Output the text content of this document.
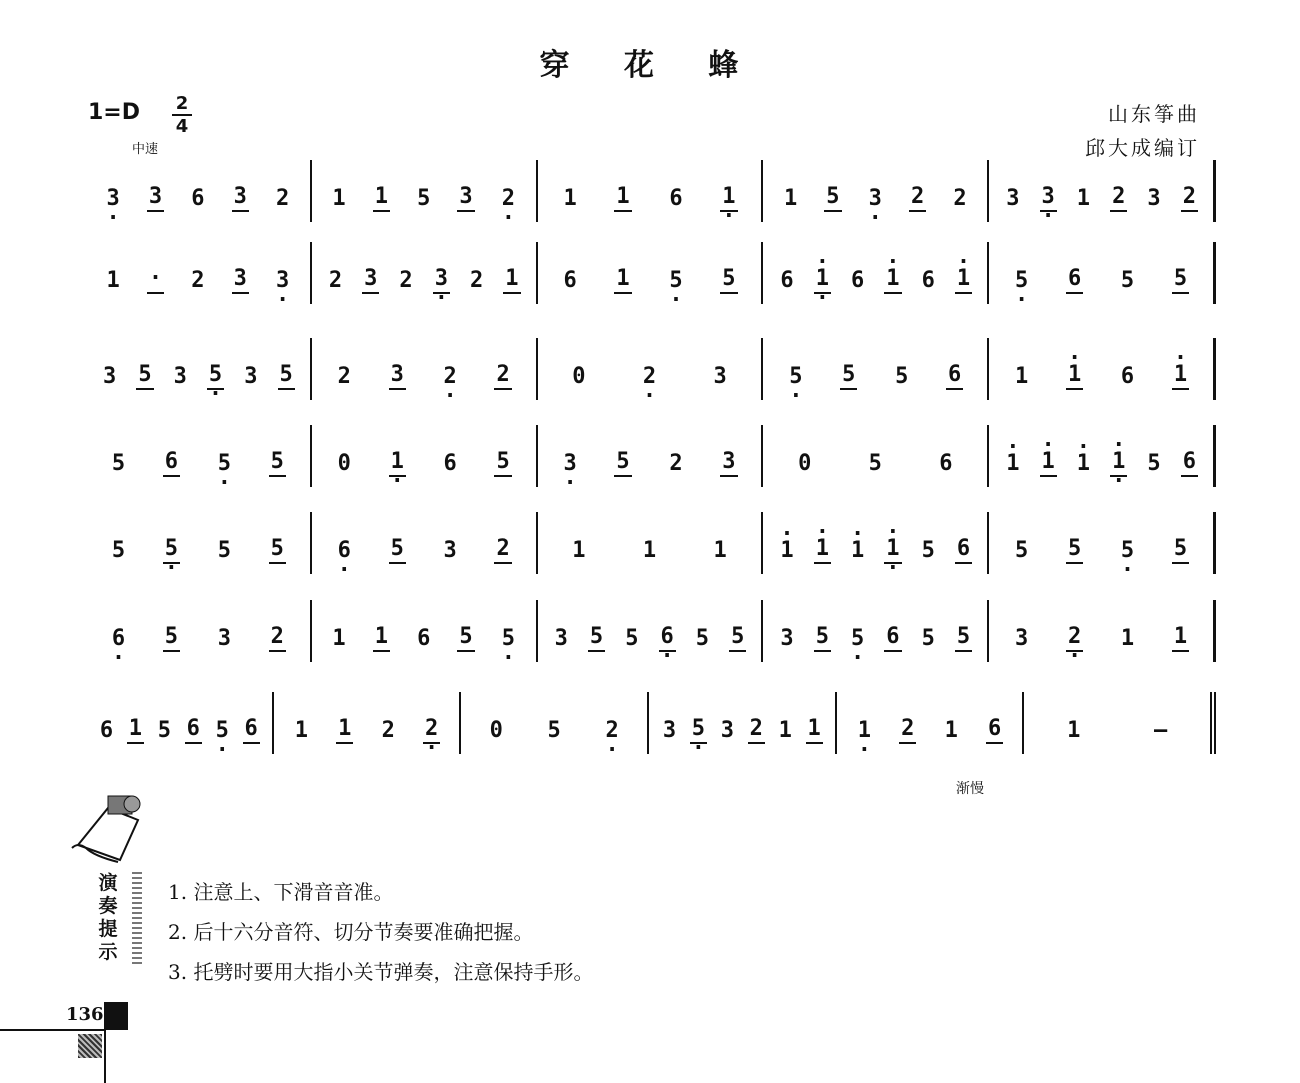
穿 花 蜂
1=D 2
4
中速
山东筝曲
邱大成编订
3 · 3 6 3 2 1 1 5 3 2 · 1 1 6 1 · 1 5 3 · 2 2 3 3 · 1 2 3 2
1 · 2 3 3 · 2 3 2 3 · 2 1 6 1 5 · 5 6 · 1 · 6 · 1 6 · 1 5 · 6 5 5
3 5 3 5 · 3 5 2 3 2 · 2	0	2 ·	3	5 · 5 5 6 1 · 1 6 · 1
5 6 5 · 5 0 1 · 6 5 3 · 5 2 3	0	5	6 · 1 · 1 · 1 · 1 · 5 6
5 5 · 5 5 6 · 5 3 2	1	1	1 · 1 · 1 · 1 · 1 · 5 6 5 5 5 · 5
6 · 5 3 2 1 1 6 5 5 · 3 5 5 6 · 5 5 3 5 5 · 6 5 5 3 2 · 1 1
6 1 5 6 5 · 6 1 1 2 2 · 0 5 2 · 3 5 · 3 2 1 1 1 · 2 1 6	1	–
渐慢
演奏提示
1. 注意上、下滑音音准。
2. 后十六分音符、切分节奏要准确把握。
3. 托劈时要用大指小关节弹奏，注意保持手形。
136
